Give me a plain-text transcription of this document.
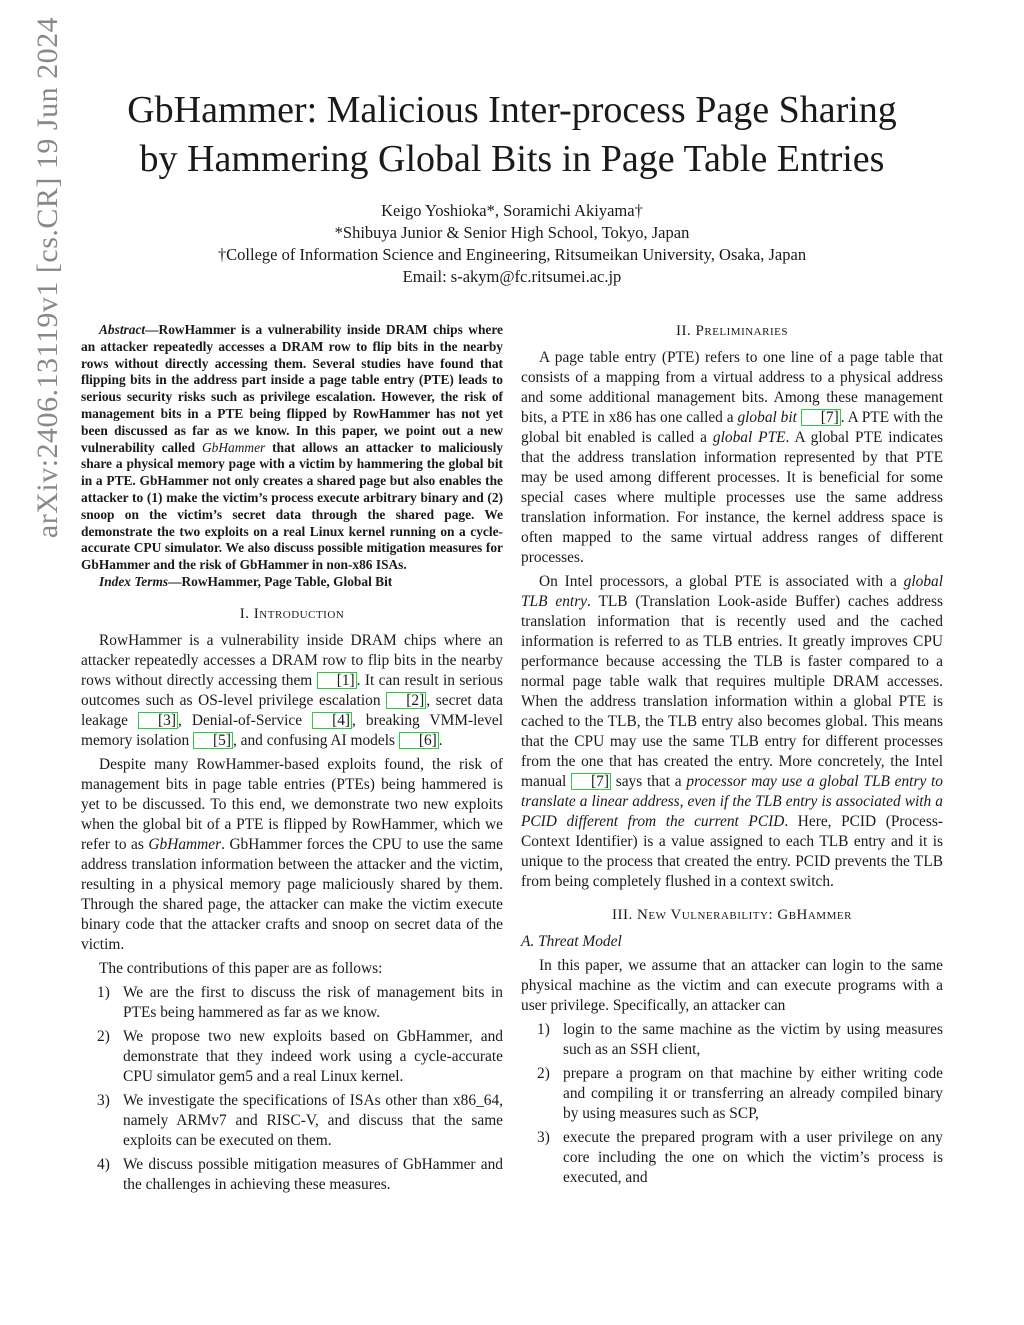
arXiv:2406.13119v1 [cs.CR] 19 Jun 2024	GbHammer: Malicious Inter-process Page Sharing
by Hammering Global Bits in Page Table Entries
Keigo Yoshioka*, Soramichi Akiyama†
*Shibuya Junior & Senior High School, Tokyo, Japan
†College of Information Science and Engineering, Ritsumeikan University, Osaka, Japan
Email: s-akym@fc.ritsumei.ac.jp

Abstract—RowHammer is a vulnerability inside DRAM chips where an attacker repeatedly accesses a DRAM row to flip bits in the nearby rows without directly accessing them. Several studies have found that flipping bits in the address part inside a page table entry (PTE) leads to serious security risks such as privilege escalation. However, the risk of management bits in a PTE being flipped by RowHammer has not yet been discussed as far as we know. In this paper, we point out a new vulnerability called GbHammer that allows an attacker to maliciously share a physical memory page with a victim by hammering the global bit in a PTE. GbHammer not only creates a shared page but also enables the attacker to (1) make the victim’s process execute arbitrary binary and (2) snoop on the victim’s secret data through the shared page. We demonstrate the two exploits on a real Linux kernel running on a cycle-accurate CPU simulator. We also discuss possible mitigation measures for GbHammer and the risk of GbHammer in non-x86 ISAs.

Index Terms—RowHammer, Page Table, Global Bit

I. Introduction

RowHammer is a vulnerability inside DRAM chips where an attacker repeatedly accesses a DRAM row to flip bits in the nearby rows without directly accessing them [1] . It can result in serious outcomes such as OS-level privilege escalation [2] , secret data leakage [3] , Denial-of-Service [4] , breaking VMM-level memory isolation [5] , and confusing AI models [6] .

Despite many RowHammer-based exploits found, the risk of management bits in page table entries (PTEs) being hammered is yet to be discussed. To this end, we demonstrate two new exploits when the global bit of a PTE is flipped by RowHammer, which we refer to as GbHammer. GbHammer forces the CPU to use the same address translation information between the attacker and the victim, resulting in a physical memory page maliciously shared by them. Through the shared page, the attacker can make the victim execute binary code that the attacker crafts and snoop on secret data of the victim.

The contributions of this paper are as follows:

1) We are the first to discuss the risk of management bits in PTEs being hammered as far as we know.
2) We propose two new exploits based on GbHammer, and demonstrate that they indeed work using a cycle-accurate CPU simulator gem5 and a real Linux kernel.
3) We investigate the specifications of ISAs other than x86_64, namely ARMv7 and RISC-V, and discuss that the same exploits can be executed on them.
4) We discuss possible mitigation measures of GbHammer and the challenges in achieving these measures.
II. Preliminaries

A page table entry (PTE) refers to one line of a page table that consists of a mapping from a virtual address to a physical address and some additional management bits. Among these management bits, a PTE in x86 has one called a global bit [7] . A PTE with the global bit enabled is called a global PTE. A global PTE indicates that the address translation information represented by that PTE may be used among different processes. It is beneficial for some special cases where multiple processes use the same address translation information. For instance, the kernel address space is often mapped to the same virtual address ranges of different processes.

On Intel processors, a global PTE is associated with a global TLB entry. TLB (Translation Look-aside Buffer) caches address translation information that is recently used and the cached information is referred to as TLB entries. It greatly improves CPU performance because accessing the TLB is faster compared to a normal page table walk that requires multiple DRAM accesses. When the address translation information within a global PTE is cached to the TLB, the TLB entry also becomes global. This means that the CPU may use the same TLB entry for different processes from the one that has created the entry. More concretely, the Intel manual [7] says that a processor may use a global TLB entry to translate a linear address, even if the TLB entry is associated with a PCID different from the current PCID. Here, PCID (Process-Context Identifier) is a value assigned to each TLB entry and it is unique to the process that created the entry. PCID prevents the TLB from being completely flushed in a context switch.

III. New Vulnerability: GbHammer
A. Threat Model

In this paper, we assume that an attacker can login to the same physical machine as the victim and can execute programs with a user privilege. Specifically, an attacker can

1) login to the same machine as the victim by using measures such as an SSH client,
2) prepare a program on that machine by either writing code and compiling it or transferring an already compiled binary by using measures such as SCP,
3) execute the prepared program with a user privilege on any core including the one on which the victim’s process is executed, and
